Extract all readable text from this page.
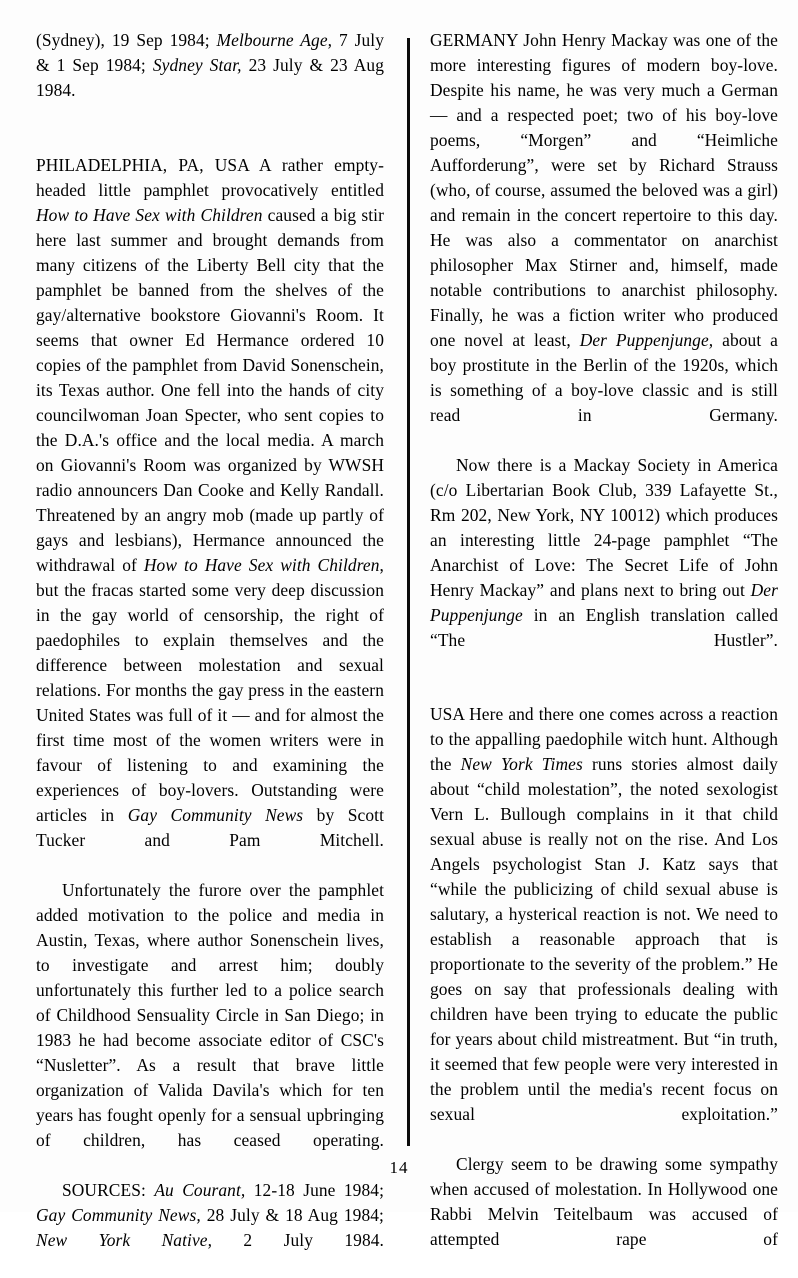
(Sydney), 19 Sep 1984; Melbourne Age, 7 July & 1 Sep 1984; Sydney Star, 23 July & 23 Aug 1984.

PHILADELPHIA, PA, USA A rather empty-headed little pamphlet provocatively entitled How to Have Sex with Children caused a big stir here last summer and brought demands from many citizens of the Liberty Bell city that the pamphlet be banned from the shelves of the gay/alternative bookstore Giovanni's Room. It seems that owner Ed Hermance ordered 10 copies of the pamphlet from David Sonenschein, its Texas author. One fell into the hands of city councilwoman Joan Specter, who sent copies to the D.A.'s office and the local media. A march on Giovanni's Room was organized by WWSH radio announcers Dan Cooke and Kelly Randall. Threatened by an angry mob (made up partly of gays and lesbians), Hermance announced the withdrawal of How to Have Sex with Children, but the fracas started some very deep discussion in the gay world of censorship, the right of paedophiles to explain themselves and the difference between molestation and sexual relations. For months the gay press in the eastern United States was full of it — and for almost the first time most of the women writers were in favour of listening to and examining the experiences of boy-lovers. Outstanding were articles in Gay Community News by Scott Tucker and Pam Mitchell.

Unfortunately the furore over the pamphlet added motivation to the police and media in Austin, Texas, where author Sonenschein lives, to investigate and arrest him; doubly unfortunately this further led to a police search of Childhood Sensuality Circle in San Diego; in 1983 he had become associate editor of CSC's “Nusletter”. As a result that brave little organization of Valida Davila's which for ten years has fought openly for a sensual upbringing of children, has ceased operating.

SOURCES: Au Courant, 12-18 June 1984; Gay Community News, 28 July & 18 Aug 1984; New York Native, 2 July 1984.

GERMANY John Henry Mackay was one of the more interesting figures of modern boy-love. Despite his name, he was very much a German — and a respected poet; two of his boy-love poems, “Morgen” and “Heimliche Aufforderung”, were set by Richard Strauss (who, of course, assumed the beloved was a girl) and remain in the concert repertoire to this day. He was also a commentator on anarchist philosopher Max Stirner and, himself, made notable contributions to anarchist philosophy. Finally, he was a fiction writer who produced one novel at least, Der Puppenjunge, about a boy prostitute in the Berlin of the 1920s, which is something of a boy-love classic and is still read in Germany.

Now there is a Mackay Society in America (c/o Libertarian Book Club, 339 Lafayette St., Rm 202, New York, NY 10012) which produces an interesting little 24-page pamphlet “The Anarchist of Love: The Secret Life of John Henry Mackay” and plans next to bring out Der Puppenjunge in an English translation called “The Hustler”.

USA Here and there one comes across a reaction to the appalling paedophile witch hunt. Although the New York Times runs stories almost daily about “child molestation”, the noted sexologist Vern L. Bullough complains in it that child sexual abuse is really not on the rise. And Los Angels psychologist Stan J. Katz says that “while the publicizing of child sexual abuse is salutary, a hysterical reaction is not. We need to establish a reasonable approach that is proportionate to the severity of the problem.” He goes on say that professionals dealing with children have been trying to educate the public for years about child mistreatment. But “in truth, it seemed that few people were very interested in the problem until the media's recent focus on sexual exploitation.”

Clergy seem to be drawing some sympathy when accused of molestation. In Hollywood one Rabbi Melvin Teitelbaum was accused of attempted rape of

14
